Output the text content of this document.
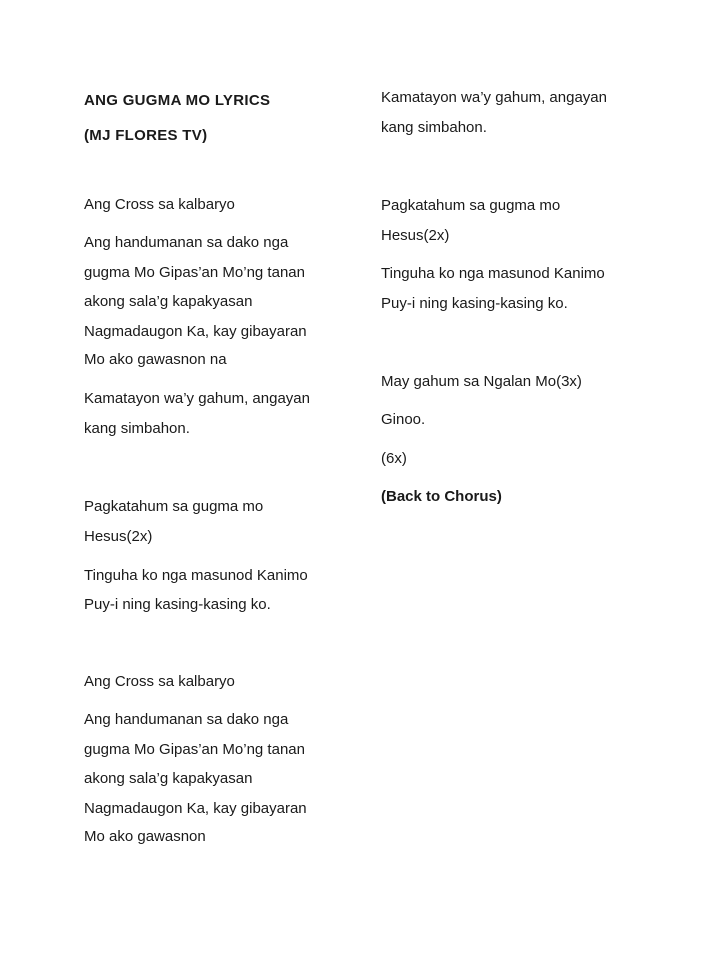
ANG GUGMA MO LYRICS
(MJ FLORES TV)
Ang Cross sa kalbaryo
Ang handumanan sa dako nga
gugma Mo Gipas’an Mo’ng tanan
akong sala’g kapakyasan
Nagmadaugon Ka, kay gibayaran
Mo ako gawasnon na
Kamatayon wa’y gahum, angayan
kang simbahon.
Pagkatahum sa gugma mo
Hesus(2x)
Tinguha ko nga masunod Kanimo
Puy-i ning kasing-kasing ko.
Ang Cross sa kalbaryo
Ang handumanan sa dako nga
gugma Mo Gipas’an Mo’ng tanan
akong sala’g kapakyasan
Nagmadaugon Ka, kay gibayaran
Mo ako gawasnon
Kamatayon wa’y gahum, angayan
kang simbahon.
Pagkatahum sa gugma mo
Hesus(2x)
Tinguha ko nga masunod Kanimo
Puy-i ning kasing-kasing ko.
May gahum sa Ngalan Mo(3x)
Ginoo.
(6x)
(Back to Chorus)
